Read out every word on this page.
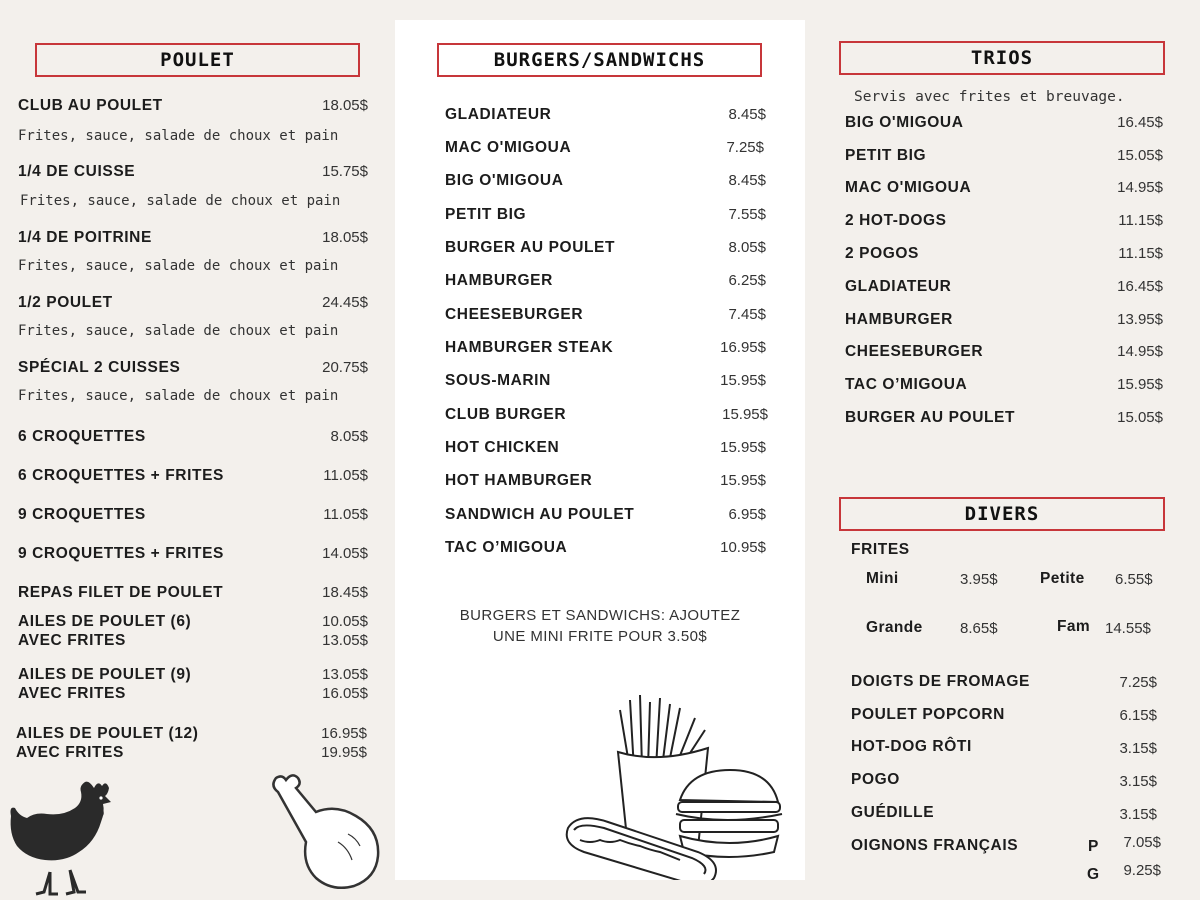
POULET
CLUB AU POULET	18.05$
Frites, sauce, salade de choux et pain
1/4 DE CUISSE	15.75$
Frites, sauce, salade de choux et pain
1/4 DE POITRINE	18.05$
Frites, sauce, salade de choux et pain
1/2 POULET	24.45$
Frites, sauce, salade de choux et pain
SPÉCIAL 2 CUISSES	20.75$
Frites, sauce, salade de choux et pain
6 CROQUETTES	8.05$
6 CROQUETTES + FRITES	11.05$
9 CROQUETTES	11.05$
9 CROQUETTES + FRITES	14.05$
REPAS FILET DE POULET	18.45$
AILES DE POULET (6)	10.05$
AVEC FRITES	13.05$
AILES DE POULET (9)	13.05$
AVEC FRITES	16.05$
AILES DE POULET (12)	16.95$
AVEC FRITES	19.95$
BURGERS/SANDWICHS
GLADIATEUR	8.45$
MAC O'MIGOUA	7.25$
BIG O'MIGOUA	8.45$
PETIT BIG	7.55$
BURGER AU POULET	8.05$
HAMBURGER	6.25$
CHEESEBURGER	7.45$
HAMBURGER STEAK	16.95$
SOUS-MARIN	15.95$
CLUB BURGER	15.95$
HOT CHICKEN	15.95$
HOT HAMBURGER	15.95$
SANDWICH AU POULET	6.95$
TAC O’MIGOUA	10.95$
BURGERS ET SANDWICHS: AJOUTEZ
UNE MINI FRITE POUR 3.50$
TRIOS
Servis avec frites et breuvage.
BIG O'MIGOUA	16.45$
PETIT BIG	15.05$
MAC O'MIGOUA	14.95$
2 HOT-DOGS	11.15$
2 POGOS	11.15$
GLADIATEUR	16.45$
HAMBURGER	13.95$
CHEESEBURGER	14.95$
TAC O’MIGOUA	15.95$
BURGER AU POULET	15.05$
DIVERS
FRITES
Mini	3.95$	Petite 6.55$
Grande 8.65$	Fam 14.55$
DOIGTS DE FROMAGE	7.25$
POULET POPCORN	6.15$
HOT-DOG RÔTI	3.15$
POGO	3.15$
GUÉDILLE	3.15$
OIGNONS FRANÇAIS	P 7.05$
G 9.25$
